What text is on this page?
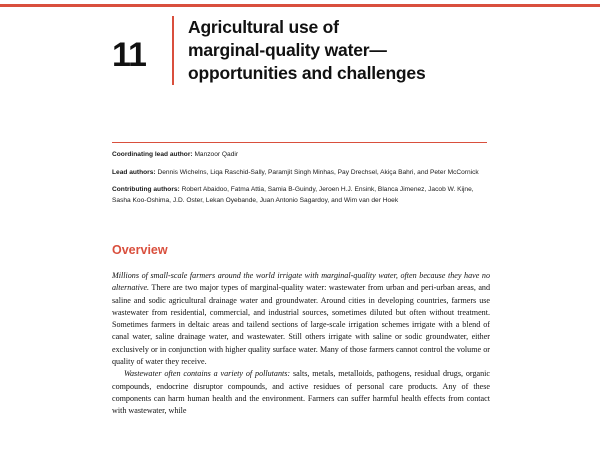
11
Agricultural use of
marginal-quality water—
opportunities and challenges

Coordinating lead author: Manzoor Qadir

Lead authors: Dennis Wichelns, Liqa Raschid-Sally, Paramjit Singh Minhas, Pay Drechsel, Akiça Bahri, and Peter McCornick

Contributing authors: Robert Abaidoo, Fatma Attia, Samia B-Guindy, Jeroen H.J. Ensink, Blanca Jimenez, Jacob W. Kijne, Sasha Koo-Oshima, J.D. Oster, Lekan Oyebande, Juan Antonio Sagardoy, and Wim van der Hoek

Overview

Millions of small-scale farmers around the world irrigate with marginal-quality water, often because they have no alternative. There are two major types of marginal-quality water: wastewater from urban and peri-urban areas, and saline and sodic agricultural drainage water and groundwater. Around cities in developing countries, farmers use wastewater from residential, commercial, and industrial sources, sometimes diluted but often without treatment. Sometimes farmers in deltaic areas and tailend sections of large-scale irrigation schemes irrigate with a blend of canal water, saline drainage water, and wastewater. Still others irrigate with saline or sodic groundwater, either exclusively or in conjunction with higher quality surface water. Many of those farmers cannot control the volume or quality of water they receive.

Wastewater often contains a variety of pollutants: salts, metals, metalloids, pathogens, residual drugs, organic compounds, endocrine disruptor compounds, and active residues of personal care products. Any of these components can harm human health and the environment. Farmers can suffer harmful health effects from contact with wastewater, while
